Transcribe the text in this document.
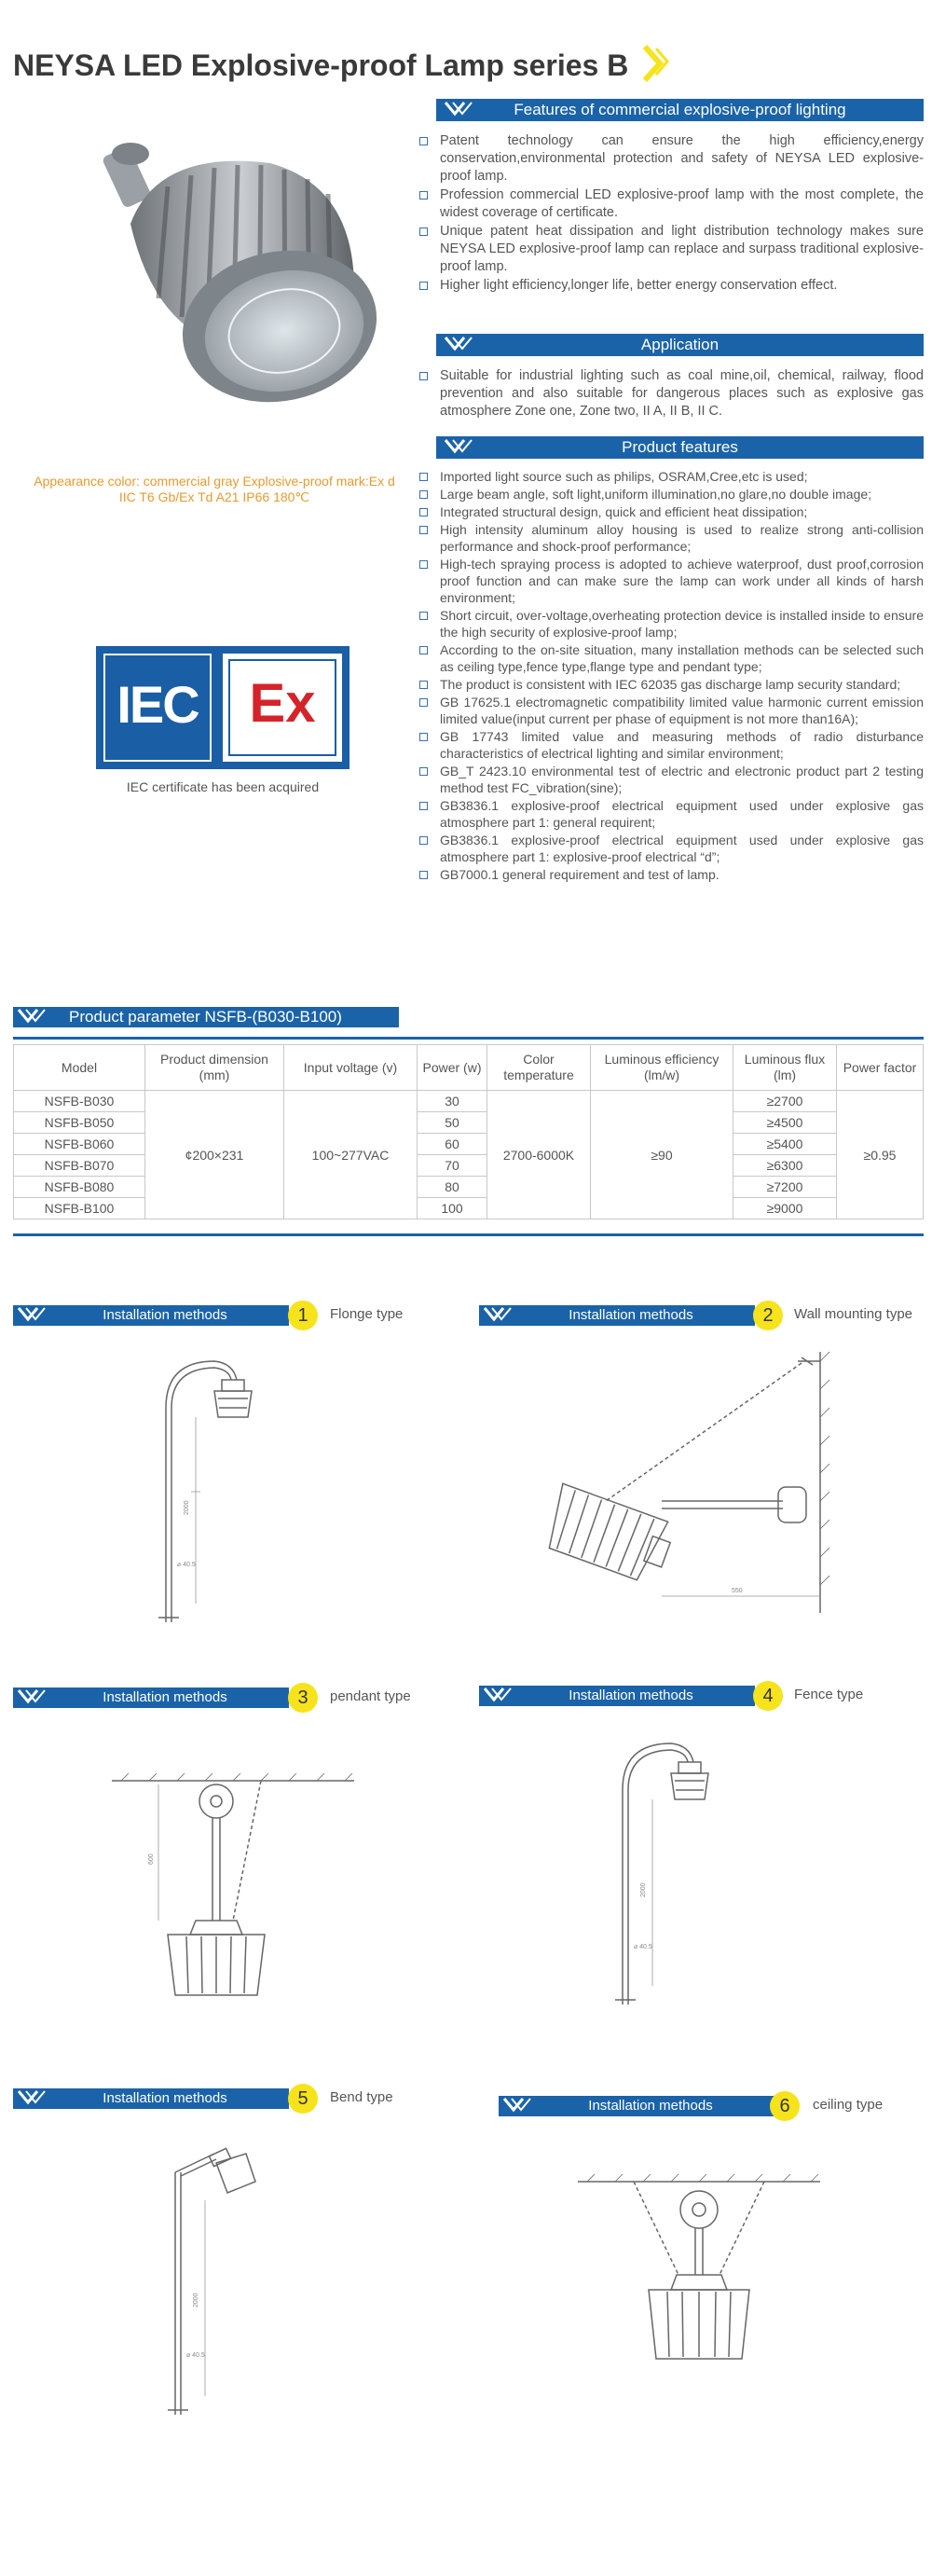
NEYSA LED Explosive-proof Lamp series B
Features of commercial explosive-proof lighting
Patent technology can ensure the high efficiency,energy conservation,environmental protection and safety of NEYSA LED explosive-proof lamp.
Profession commercial LED explosive-proof lamp with the most complete, the widest coverage of certificate.
Unique patent heat dissipation and light distribution technology makes sure NEYSA LED explosive-proof lamp can replace and surpass traditional explosive-proof lamp.
Higher light efficiency,longer life, better energy conservation effect.
Application
Suitable for industrial lighting such as coal mine,oil, chemical, railway, flood prevention and also suitable for dangerous places such as explosive gas atmosphere Zone one, Zone two, II A, II B, II C.
Product features
Imported light source such as philips, OSRAM,Cree,etc is used;
Large beam angle, soft light,uniform illumination,no glare,no double image;
Integrated structural design, quick and efficient heat dissipation;
High intensity aluminum alloy housing is used to realize strong anti-collision performance and shock-proof performance;
High-tech spraying process is adopted to achieve waterproof, dust proof,corrosion proof function and can make sure the lamp can work under all kinds of harsh environment;
Short circuit, over-voltage,overheating protection device is installed inside to ensure the high security of explosive-proof lamp;
According to the on-site situation, many installation methods can be selected such as ceiling type,fence type,flange type and pendant type;
The product is consistent with IEC 62035 gas discharge lamp security standard;
GB 17625.1 electromagnetic compatibility limited value harmonic current emission limited value(input current per phase of equipment is not more than16A);
GB 17743 limited value and measuring methods of radio disturbance characteristics of electrical lighting and similar environment;
GB_T 2423.10 environmental test of electric and electronic product part 2 testing method test FC_vibration(sine);
GB3836.1 explosive-proof electrical equipment used under explosive gas atmosphere part 1: general requirent;
GB3836.1 explosive-proof electrical equipment used under explosive gas atmosphere part 1: explosive-proof electrical “d”;
GB7000.1 general requirement and test of lamp.
Appearance color: commercial gray Explosive-proof mark:Ex d IIC T6 Gb/Ex Td A21 IP66 180℃
IEC Ex
IEC certificate has been acquired
Product parameter NSFB-(B030-B100)
Model	Product dimension (mm)	Input voltage (v)	Power (w)	Color temperature	Luminous efficiency (lm/w)	Luminous flux (lm)	Power factor
NSFB-B030	¢200×231	100~277VAC	30	2700-6000K	≥90	≥2700	≥0.95
NSFB-B050			50			≥4500	
NSFB-B060			60			≥5400	
NSFB-B070			70			≥6300	
NSFB-B080			80			≥7200	
NSFB-B100			100			≥9000	
Installation methods	1	Flonge type	Installation methods	2	Wall mounting type
Installation methods	3	pendant type	Installation methods	4	Fence type
Installation methods	5	Bend type
Installation methods	6	ceiling type
2000
⌀ 40.5
550
600
2000
⌀ 40.5
2000
⌀ 40.5
